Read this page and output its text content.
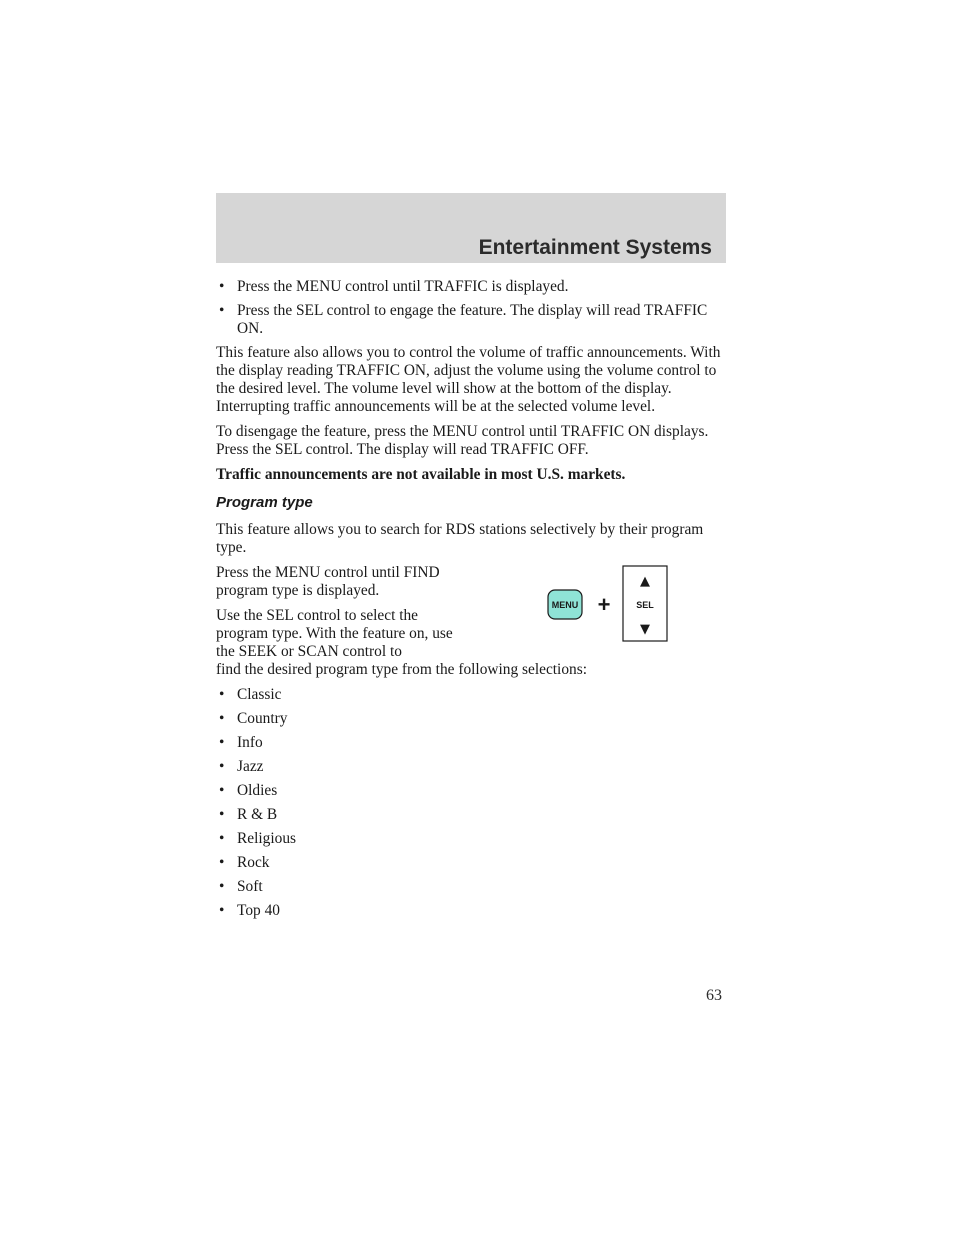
Entertainment Systems
• Press the MENU control until TRAFFIC is displayed.
• Press the SEL control to engage the feature. The display will read TRAFFIC ON.

This feature also allows you to control the volume of traffic announcements. With the display reading TRAFFIC ON, adjust the volume using the volume control to the desired level. The volume level will show at the bottom of the display. Interrupting traffic announcements will be at the selected volume level.

To disengage the feature, press the MENU control until TRAFFIC ON displays. Press the SEL control. The display will read TRAFFIC OFF.

Traffic announcements are not available in most U.S. markets.

Program type

This feature allows you to search for RDS stations selectively by their program type.

Press the MENU control until FIND program type is displayed.

Use the SEL control to select the program type. With the feature on, use the SEEK or SCAN control to
find the desired program type from the following selections:

• Classic
• Country
• Info
• Jazz
• Oldies
• R & B
• Religious
• Rock
• Soft
• Top 40
MENU +
▲
SEL
▼
63
